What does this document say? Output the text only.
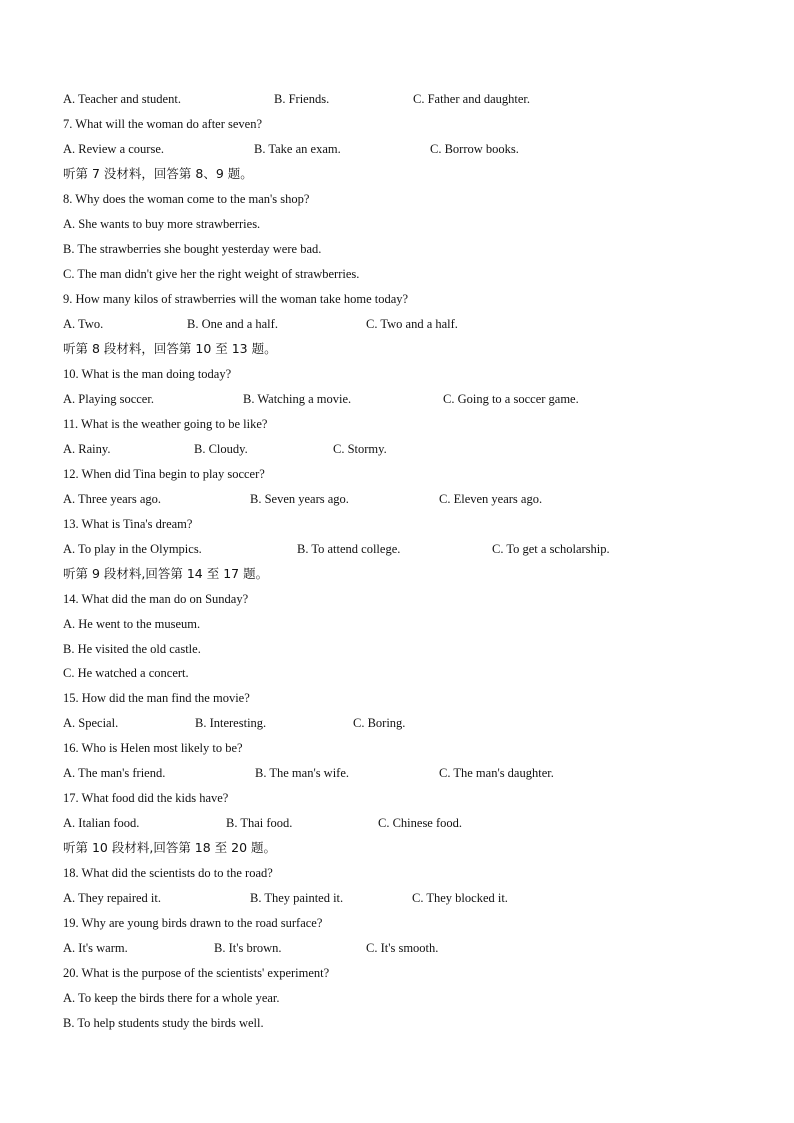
A. Teacher and student.	B. Friends.	C. Father and daughter.
7. What will the woman do after seven?
A. Review a course.	B. Take an exam.	C. Borrow books.
听第 7 没材料，回答第 8、9 题。
8. Why does the woman come to the man's shop?
A. She wants to buy more strawberries.
B. The strawberries she bought yesterday were bad.
C. The man didn't give her the right weight of strawberries.
9. How many kilos of strawberries will the woman take home today?
A. Two.	B. One and a half.	C. Two and a half.
听第 8 段材料，回答第 10 至 13 题。
10. What is the man doing today?
A. Playing soccer.	B. Watching a movie.	C. Going to a soccer game.
11. What is the weather going to be like?
A. Rainy.	B. Cloudy.	C. Stormy.
12. When did Tina begin to play soccer?
A. Three years ago.	B. Seven years ago.	C. Eleven years ago.
13. What is Tina's dream?
A. To play in the Olympics.	B. To attend college.	C. To get a scholarship.
听第 9 段材料,回答第 14 至 17 题。
14. What did the man do on Sunday?
A. He went to the museum.
B. He visited the old castle.
C. He watched a concert.
15. How did the man find the movie?
A. Special.	B. Interesting.	C. Boring.
16. Who is Helen most likely to be?
A. The man's friend.	B. The man's wife.	C. The man's daughter.
17. What food did the kids have?
A. Italian food.	B. Thai food.	C. Chinese food.
听第 10 段材料,回答第 18 至 20 题。
18. What did the scientists do to the road?
A. They repaired it.	B. They painted it.	C. They blocked it.
19. Why are young birds drawn to the road surface?
A. It's warm.	B. It's brown.	C. It's smooth.
20. What is the purpose of the scientists' experiment?
A. To keep the birds there for a whole year.
B. To help students study the birds well.
